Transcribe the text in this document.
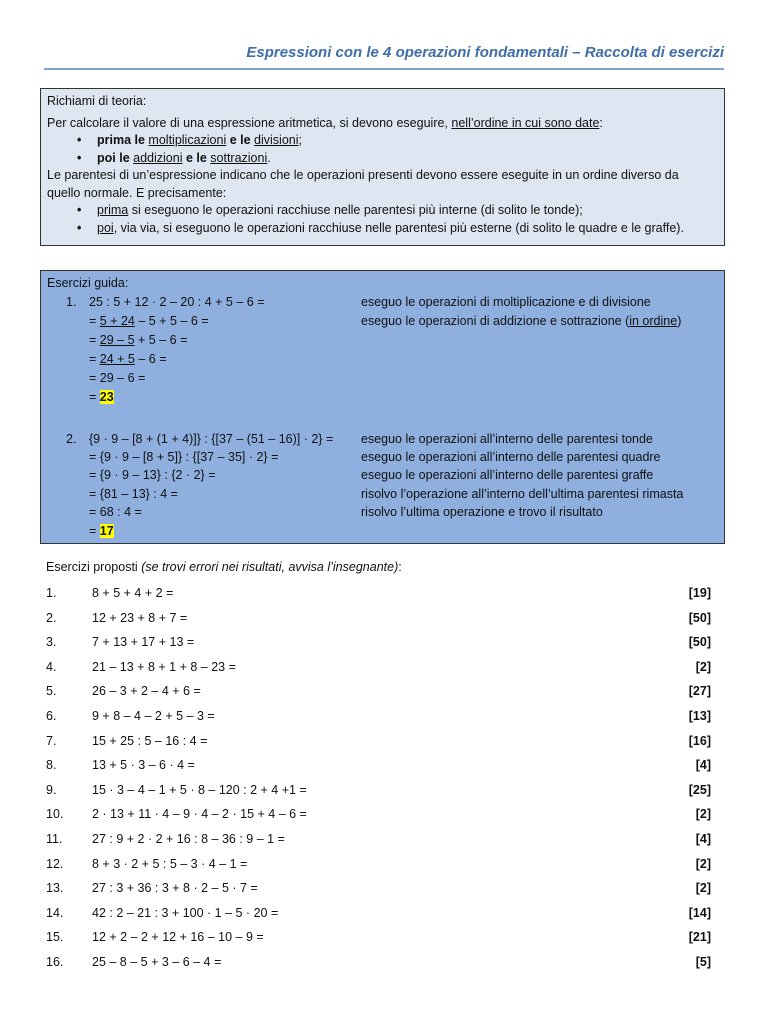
Espressioni con le 4 operazioni fondamentali – Raccolta di esercizi
Richiami di teoria:
Per calcolare il valore di una espressione aritmetica, si devono eseguire, nell’ordine in cui sono date:
• prima le moltiplicazioni e le divisioni;
• poi le addizioni e le sottrazioni.
Le parentesi di un’espressione indicano che le operazioni presenti devono essere eseguite in un ordine diverso da
quello normale. E precisamente:
• prima si eseguono le operazioni racchiuse nelle parentesi più interne (di solito le tonde);
• poi, via via, si eseguono le operazioni racchiuse nelle parentesi più esterne (di solito le quadre e le graffe).
Esercizi guida:
1. 25 : 5 + 12 · 2 – 20 : 4 + 5 – 6 =	eseguo le operazioni di moltiplicazione e di divisione
= 5 + 24 – 5 + 5 – 6 =	eseguo le operazioni di addizione e sottrazione (in ordine)
= 29 – 5 + 5 – 6 =
= 24 + 5 – 6 =
= 29 – 6 =
= 23
2. {9 · 9 – [8 + (1 + 4)]} : {[37 – (51 – 16)] · 2} = eseguo le operazioni all’interno delle parentesi tonde
= {9 · 9 – [8 + 5]} : {[37 – 35] · 2} =	eseguo le operazioni all’interno delle parentesi quadre
= {9 · 9 – 13} : {2 · 2} =	eseguo le operazioni all’interno delle parentesi graffe
= {81 – 13} : 4 =	risolvo l’operazione all’interno dell’ultima parentesi rimasta
= 68 : 4 =	risolvo l’ultima operazione e trovo il risultato
= 17
Esercizi proposti (se trovi errori nei risultati, avvisa l’insegnante):
1.	8 + 5 + 4 + 2 =	[19]
2.	12 + 23 + 8 + 7 =	[50]
3.	7 + 13 + 17 + 13 =	[50]
4.	21 – 13 + 8 + 1 + 8 – 23 =	[2]
5.	26 – 3 + 2 – 4 + 6 =	[27]
6.	9 + 8 – 4 – 2 + 5 – 3 =	[13]
7.	15 + 25 : 5 – 16 : 4 =	[16]
8.	13 + 5 · 3 – 6 · 4 =	[4]
9.	15 · 3 – 4 – 1 + 5 · 8 – 120 : 2 + 4 +1 =	[25]
10. 2 · 13 + 11 · 4 – 9 · 4 – 2 · 15 + 4 – 6 =	[2]
11. 27 : 9 + 2 · 2 + 16 : 8 – 36 : 9 – 1 =	[4]
12. 8 + 3 · 2 + 5 : 5 – 3 · 4 – 1 =	[2]
13. 27 : 3 + 36 : 3 + 8 · 2 – 5 · 7 =	[2]
14. 42 : 2 – 21 : 3 + 100 · 1 – 5 · 20 =	[14]
15. 12 + 2 – 2 + 12 + 16 – 10 – 9 =	[21]
16. 25 – 8 – 5 + 3 – 6 – 4 =	[5]
